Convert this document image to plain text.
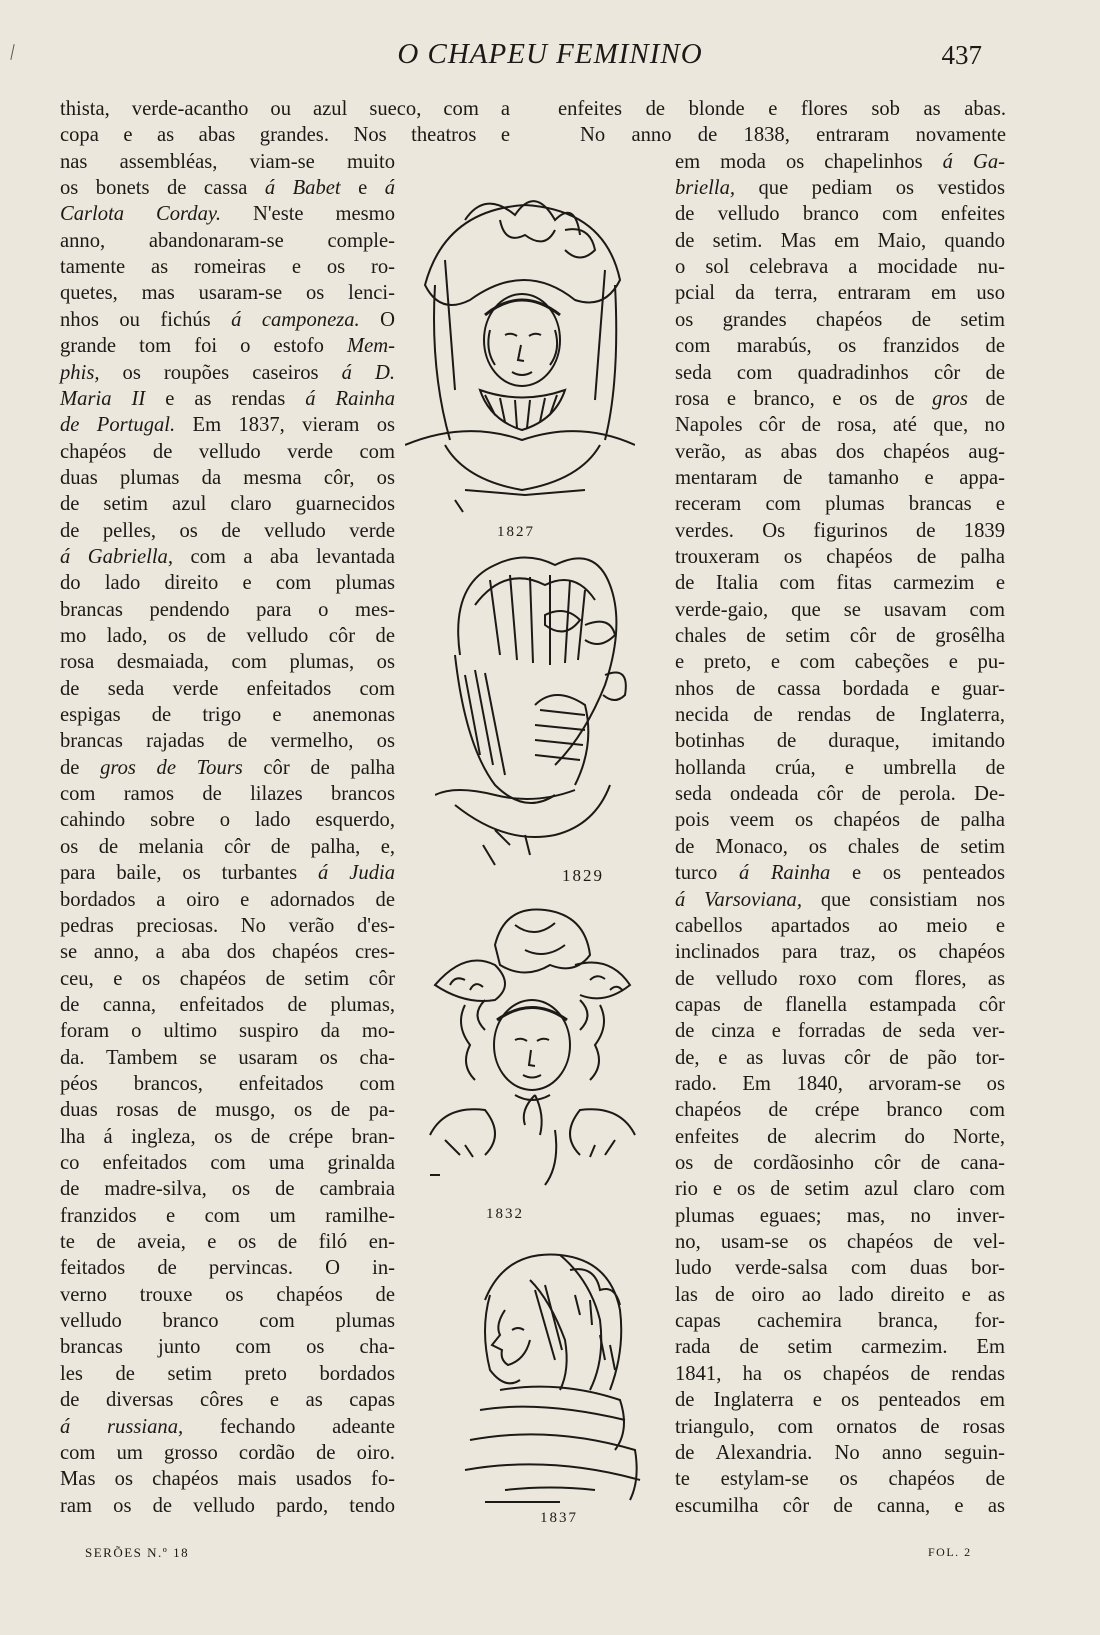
O CHAPEU FEMININO	437
thista, verde-acantho ou azul sueco, com a
copa e as abas grandes. Nos theatros e
nas assembléas, viam-se muito
os bonets de cassa á Babet e á
Carlota Corday. N'este mesmo
anno, abandonaram-se comple-
tamente as romeiras e os ro-
quetes, mas usaram-se os lenci-
nhos ou fichús á camponeza. O
grande tom foi o estofo Mem-
phis, os roupões caseiros á D.
Maria II e as rendas á Rainha
de Portugal. Em 1837, vieram os
chapéos de velludo verde com
duas plumas da mesma côr, os
de setim azul claro guarnecidos
de pelles, os de velludo verde
á Gabriella, com a aba levantada
do lado direito e com plumas
brancas pendendo para o mes-
mo lado, os de velludo côr de
rosa desmaiada, com plumas, os
de seda verde enfeitados com
espigas de trigo e anemonas
brancas rajadas de vermelho, os
de gros de Tours côr de palha
com ramos de lilazes brancos
cahindo sobre o lado esquerdo,
os de melania côr de palha, e,
para baile, os turbantes á Judia
bordados a oiro e adornados de
pedras preciosas. No verão d'es-
se anno, a aba dos chapéos cres-
ceu, e os chapéos de setim côr
de canna, enfeitados de plumas,
foram o ultimo suspiro da mo-
da. Tambem se usaram os cha-
péos brancos, enfeitados com
duas rosas de musgo, os de pa-
lha á ingleza, os de crépe bran-
co enfeitados com uma grinalda
de madre-silva, os de cambraia
franzidos e com um ramilhe-
te de aveia, e os de filó en-
feitados de pervincas. O in-
verno trouxe os chapéos de
velludo branco com plumas
brancas junto com os cha-
les de setim preto bordados
de diversas côres e as capas
á russiana, fechando adeante
com um grosso cordão de oiro.
Mas os chapéos mais usados fo-
ram os de velludo pardo, tendo
enfeites de blonde e flores sob as abas.
No anno de 1838, entraram novamente
em moda os chapelinhos á Ga-
briella, que pediam os vestidos
de velludo branco com enfeites
de setim. Mas em Maio, quando
o sol celebrava a mocidade nu-
pcial da terra, entraram em uso
os grandes chapéos de setim
com marabús, os franzidos de
seda com quadradinhos côr de
rosa e branco, e os de gros de
Napoles côr de rosa, até que, no
verão, as abas dos chapéos aug-
mentaram de tamanho e appa-
receram com plumas brancas e
verdes. Os figurinos de 1839
trouxeram os chapéos de palha
de Italia com fitas carmezim e
verde-gaio, que se usavam com
chales de setim côr de grosêlha
e preto, e com cabeções e pu-
nhos de cassa bordada e guar-
necida de rendas de Inglaterra,
botinhas de duraque, imitando
hollanda crúa, e umbrella de
seda ondeada côr de perola. De-
pois veem os chapéos de palha
de Monaco, os chales de setim
turco á Rainha e os penteados
á Varsoviana, que consistiam nos
cabellos apartados ao meio e
inclinados para traz, os chapéos
de velludo roxo com flores, as
capas de flanella estampada côr
de cinza e forradas de seda ver-
de, e as luvas côr de pão tor-
rado. Em 1840, arvoram-se os
chapéos de crépe branco com
enfeites de alecrim do Norte,
os de cordãosinho côr de cana-
rio e os de setim azul claro com
plumas eguaes; mas, no inver-
no, usam-se os chapéos de vel-
ludo verde-salsa com duas bor-
las de oiro ao lado direito e as
capas cachemira branca, for-
rada de setim carmezim. Em
1841, ha os chapéos de rendas
de Inglaterra e os penteados em
triangulo, com ornatos de rosas
de Alexandria. No anno seguin-
te estylam-se os chapéos de
escumilha côr de canna, e as
1827
1829
1832
1837
SERÕES N.º 18	FOL. 2
